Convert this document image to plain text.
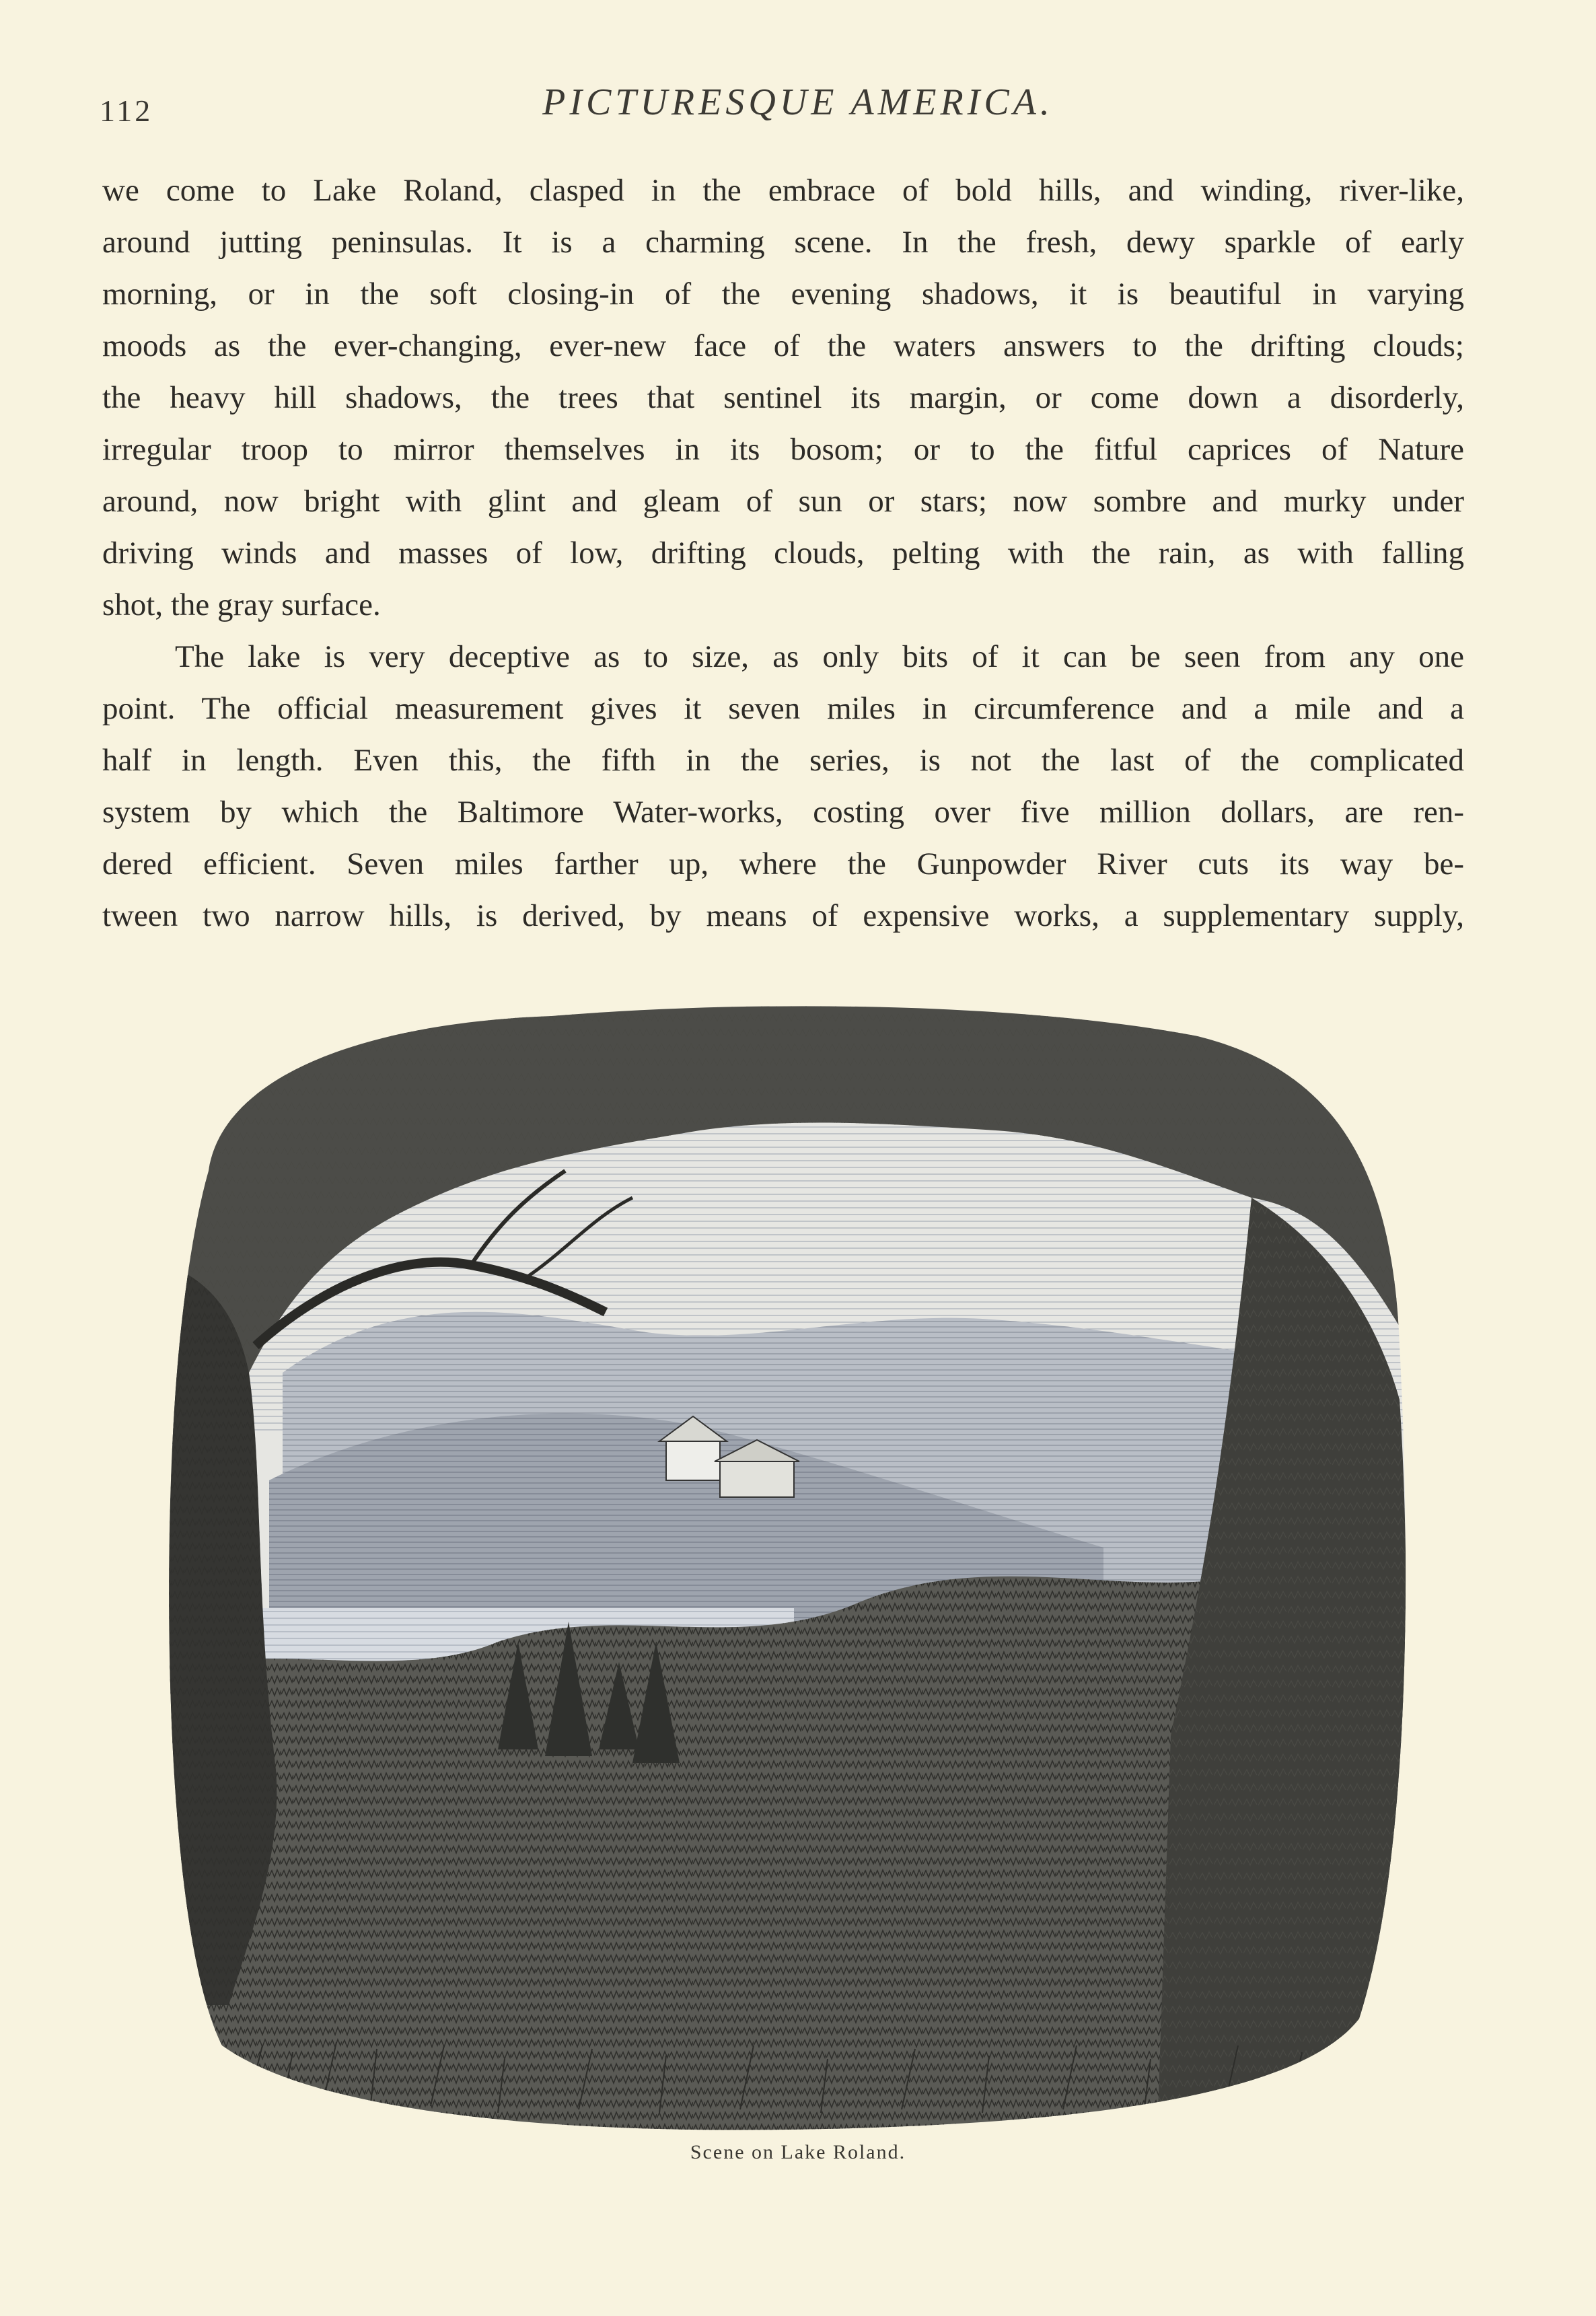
112	PICTURESQUE AMERICA.
we come to Lake Roland, clasped in the embrace of bold hills, and winding, river-like,
around jutting peninsulas. It is a charming scene. In the fresh, dewy sparkle of early
morning, or in the soft closing-in of the evening shadows, it is beautiful in varying
moods as the ever-changing, ever-new face of the waters answers to the drifting clouds;
the heavy hill shadows, the trees that sentinel its margin, or come down a disorderly,
irregular troop to mirror themselves in its bosom; or to the fitful caprices of Nature
around, now bright with glint and gleam of sun or stars; now sombre and murky under
driving winds and masses of low, drifting clouds, pelting with the rain, as with falling
shot, the gray surface.
The lake is very deceptive as to size, as only bits of it can be seen from any one
point. The official measurement gives it seven miles in circumference and a mile and a
half in length. Even this, the fifth in the series, is not the last of the complicated
system by which the Baltimore Water-works, costing over five million dollars, are ren-
dered efficient. Seven miles farther up, where the Gunpowder River cuts its way be-
tween two narrow hills, is derived, by means of expensive works, a supplementary supply,
Scene on Lake Roland.
